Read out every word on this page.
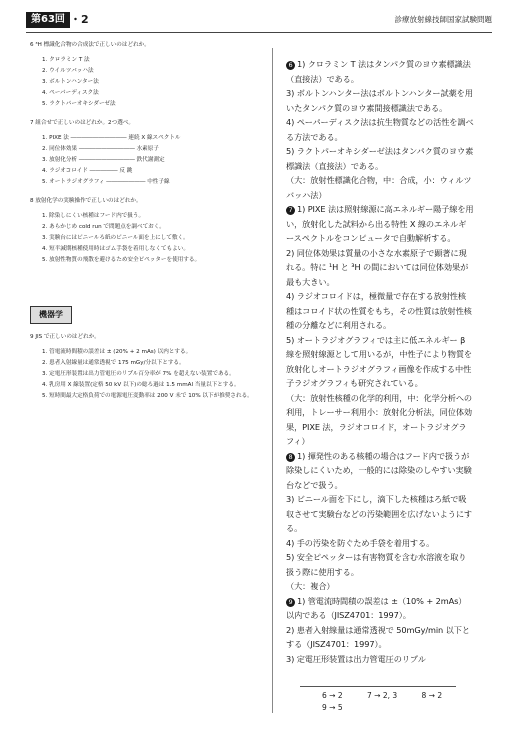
第63回 ・2	診療放射線技師国家試験問題

6 ³H 標識化合物の合成法で正しいのはどれか。

1. クロラミン T 法
2. ウイルツバッハ法
3. ボルトンハンター法
4. ペーパーディスク法
5. ラクトパーオキシダーゼ法

7 組合せで正しいのはどれか。2つ選べ。

1. PIXE 法 ―――――――――― 連続 X 線スペクトル
2. 同位体効果 ―――――――――― 水素原子
3. 放射化分析 ―――――――――― 鉄代謝測定
4. ラジオコロイド ――――― 反 跳
5. オートラジオグラフィ ――――――― 中性子線

8 放射化学の実験操作で正しいのはどれか。

1. 除染しにくい核種はフード内で扱う。
2. あらかじめ cold run で問題点を調べておく。
3. 実験台にはビニールろ紙のビニール面を上にして敷く。
4. 短半減期核種使用時はゴム手袋を着用しなくてもよい。
5. 放射性物質の飛散を避けるため安全ピペッターを使用する。
機器学

9 JIS で正しいのはどれか。

1. 管電流時間積の誤差は ± (20% + 2 mAs) 以内とする。
2. 患者入射線量は通常透視で 175 mGy/分以下とする。
3. 定電圧形装置は出力管電圧のリプル百分率が 7% を超えない装置である。
4. 乳房用 X 線装置(定格 50 kV 以下)の総ろ過は 1.5 mmAl 当量以下とする。
5. 短時間最大定格負荷での電源電圧変動率は 200 V 未で 10% 以下が推奨される。

6 1) クロラミン T 法はタンパク質のヨウ素標識法（直接法）である。

3) ボルトンハンター法はボルトンハンター試薬を用いたタンパク質のヨウ素間接標識法である。

4) ペーパーディスク法は抗生物質などの活性を調べる方法である。

5) ラクトパーオキシダーゼ法はタンパク質のヨウ素標識法（直接法）である。

（大：放射性標識化合物，中：合成，小：ウィルツバッハ法）

7 1) PIXE 法は照射線源に高エネルギー陽子線を用い，放射化した試料から出る特性 X 線のエネルギースペクトルをコンピュータで自動解析する。

2) 同位体効果は質量の小さな水素原子で顕著に現れる。特に ¹H と ³H の間においては同位体効果が最も大きい。

4) ラジオコロイドは，極微量で存在する放射性核種はコロイド状の性質をもち，その性質は放射性核種の分離などに利用される。

5) オートラジオグラフィでは主に低エネルギー β 線を照射線源として用いるが，中性子により物質を放射化しオートラジオグラフィ画像を作成する中性子ラジオグラフィも研究されている。

（大：放射性核種の化学的利用，中：化学分析への利用，トレーサー利用小：放射化分析法，同位体効果，PIXE 法，ラジオコロイド，オートラジオグラフィ）

8 1) 揮発性のある核種の場合はフード内で扱うが除染しにくいため，一般的には除染のしやすい実験台などで扱う。

3) ビニール面を下にし，滴下した核種はろ紙で吸収させて実験台などの汚染範囲を広げないようにする。

4) 手の汚染を防ぐため手袋を着用する。

5) 安全ピペッターは有害物質を含む水溶液を取り扱う際に使用する。

（大：複合）

9 1) 管電流時間積の誤差は ±（10% + 2mAs）以内である（JISZ4701：1997）。

2) 患者入射線量は通常透視で 50mGy/min 以下とする（JISZ4701：1997）。

3) 定電圧形装置は出力管電圧のリプル

6 → 2	7 → 2, 3	8 → 2
9 → 5
